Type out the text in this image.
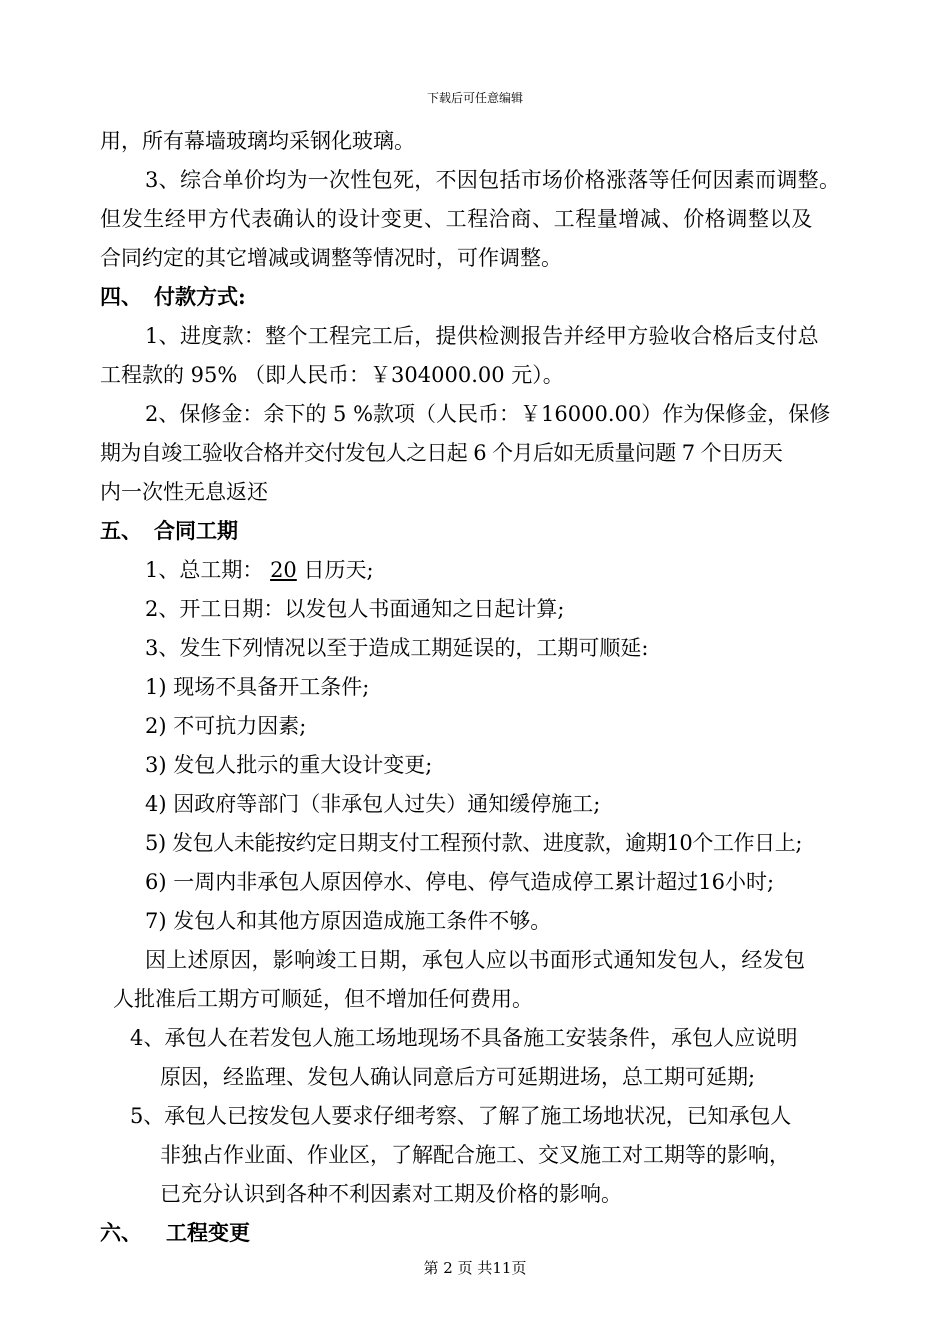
下载后可任意编辑
用，所有幕墙玻璃均采钢化玻璃。
3、综合单价均为一次性包死，不因包括市场价格涨落等任何因素而调整。
但发生经甲方代表确认的设计变更、工程洽商、工程量增减、价格调整以及
合同约定的其它增减或调整等情况时，可作调整。
四、 付款方式:
1、进度款：整个工程完工后，提供检测报告并经甲方验收合格后支付总
工程款的 95% （即人民币：￥304000.00 元）。
2、保修金：余下的 5 %款项（人民币：￥16000.00）作为保修金，保修
期为自竣工验收合格并交付发包人之日起 6 个月后如无质量问题 7 个日历天
内一次性无息返还
五、 合同工期
1、总工期： 20 日历天;
2、开工日期：以发包人书面通知之日起计算;
3、发生下列情况以至于造成工期延误的，工期可顺延:
1) 现场不具备开工条件;
2) 不可抗力因素;
3) 发包人批示的重大设计变更;
4) 因政府等部门（非承包人过失）通知缓停施工;
5) 发包人未能按约定日期支付工程预付款、进度款，逾期10个工作日上;
6) 一周内非承包人原因停水、停电、停气造成停工累计超过16小时;
7) 发包人和其他方原因造成施工条件不够。
因上述原因，影响竣工日期，承包人应以书面形式通知发包人，经发包
人批准后工期方可顺延，但不增加任何费用。
4、承包人在若发包人施工场地现场不具备施工安装条件，承包人应说明
原因，经监理、发包人确认同意后方可延期进场，总工期可延期;
5、承包人已按发包人要求仔细考察、了解了施工场地状况，已知承包人
非独占作业面、作业区，了解配合施工、交叉施工对工期等的影响，
已充分认识到各种不利因素对工期及价格的影响。
六、 工程变更
第 2 页 共11页
